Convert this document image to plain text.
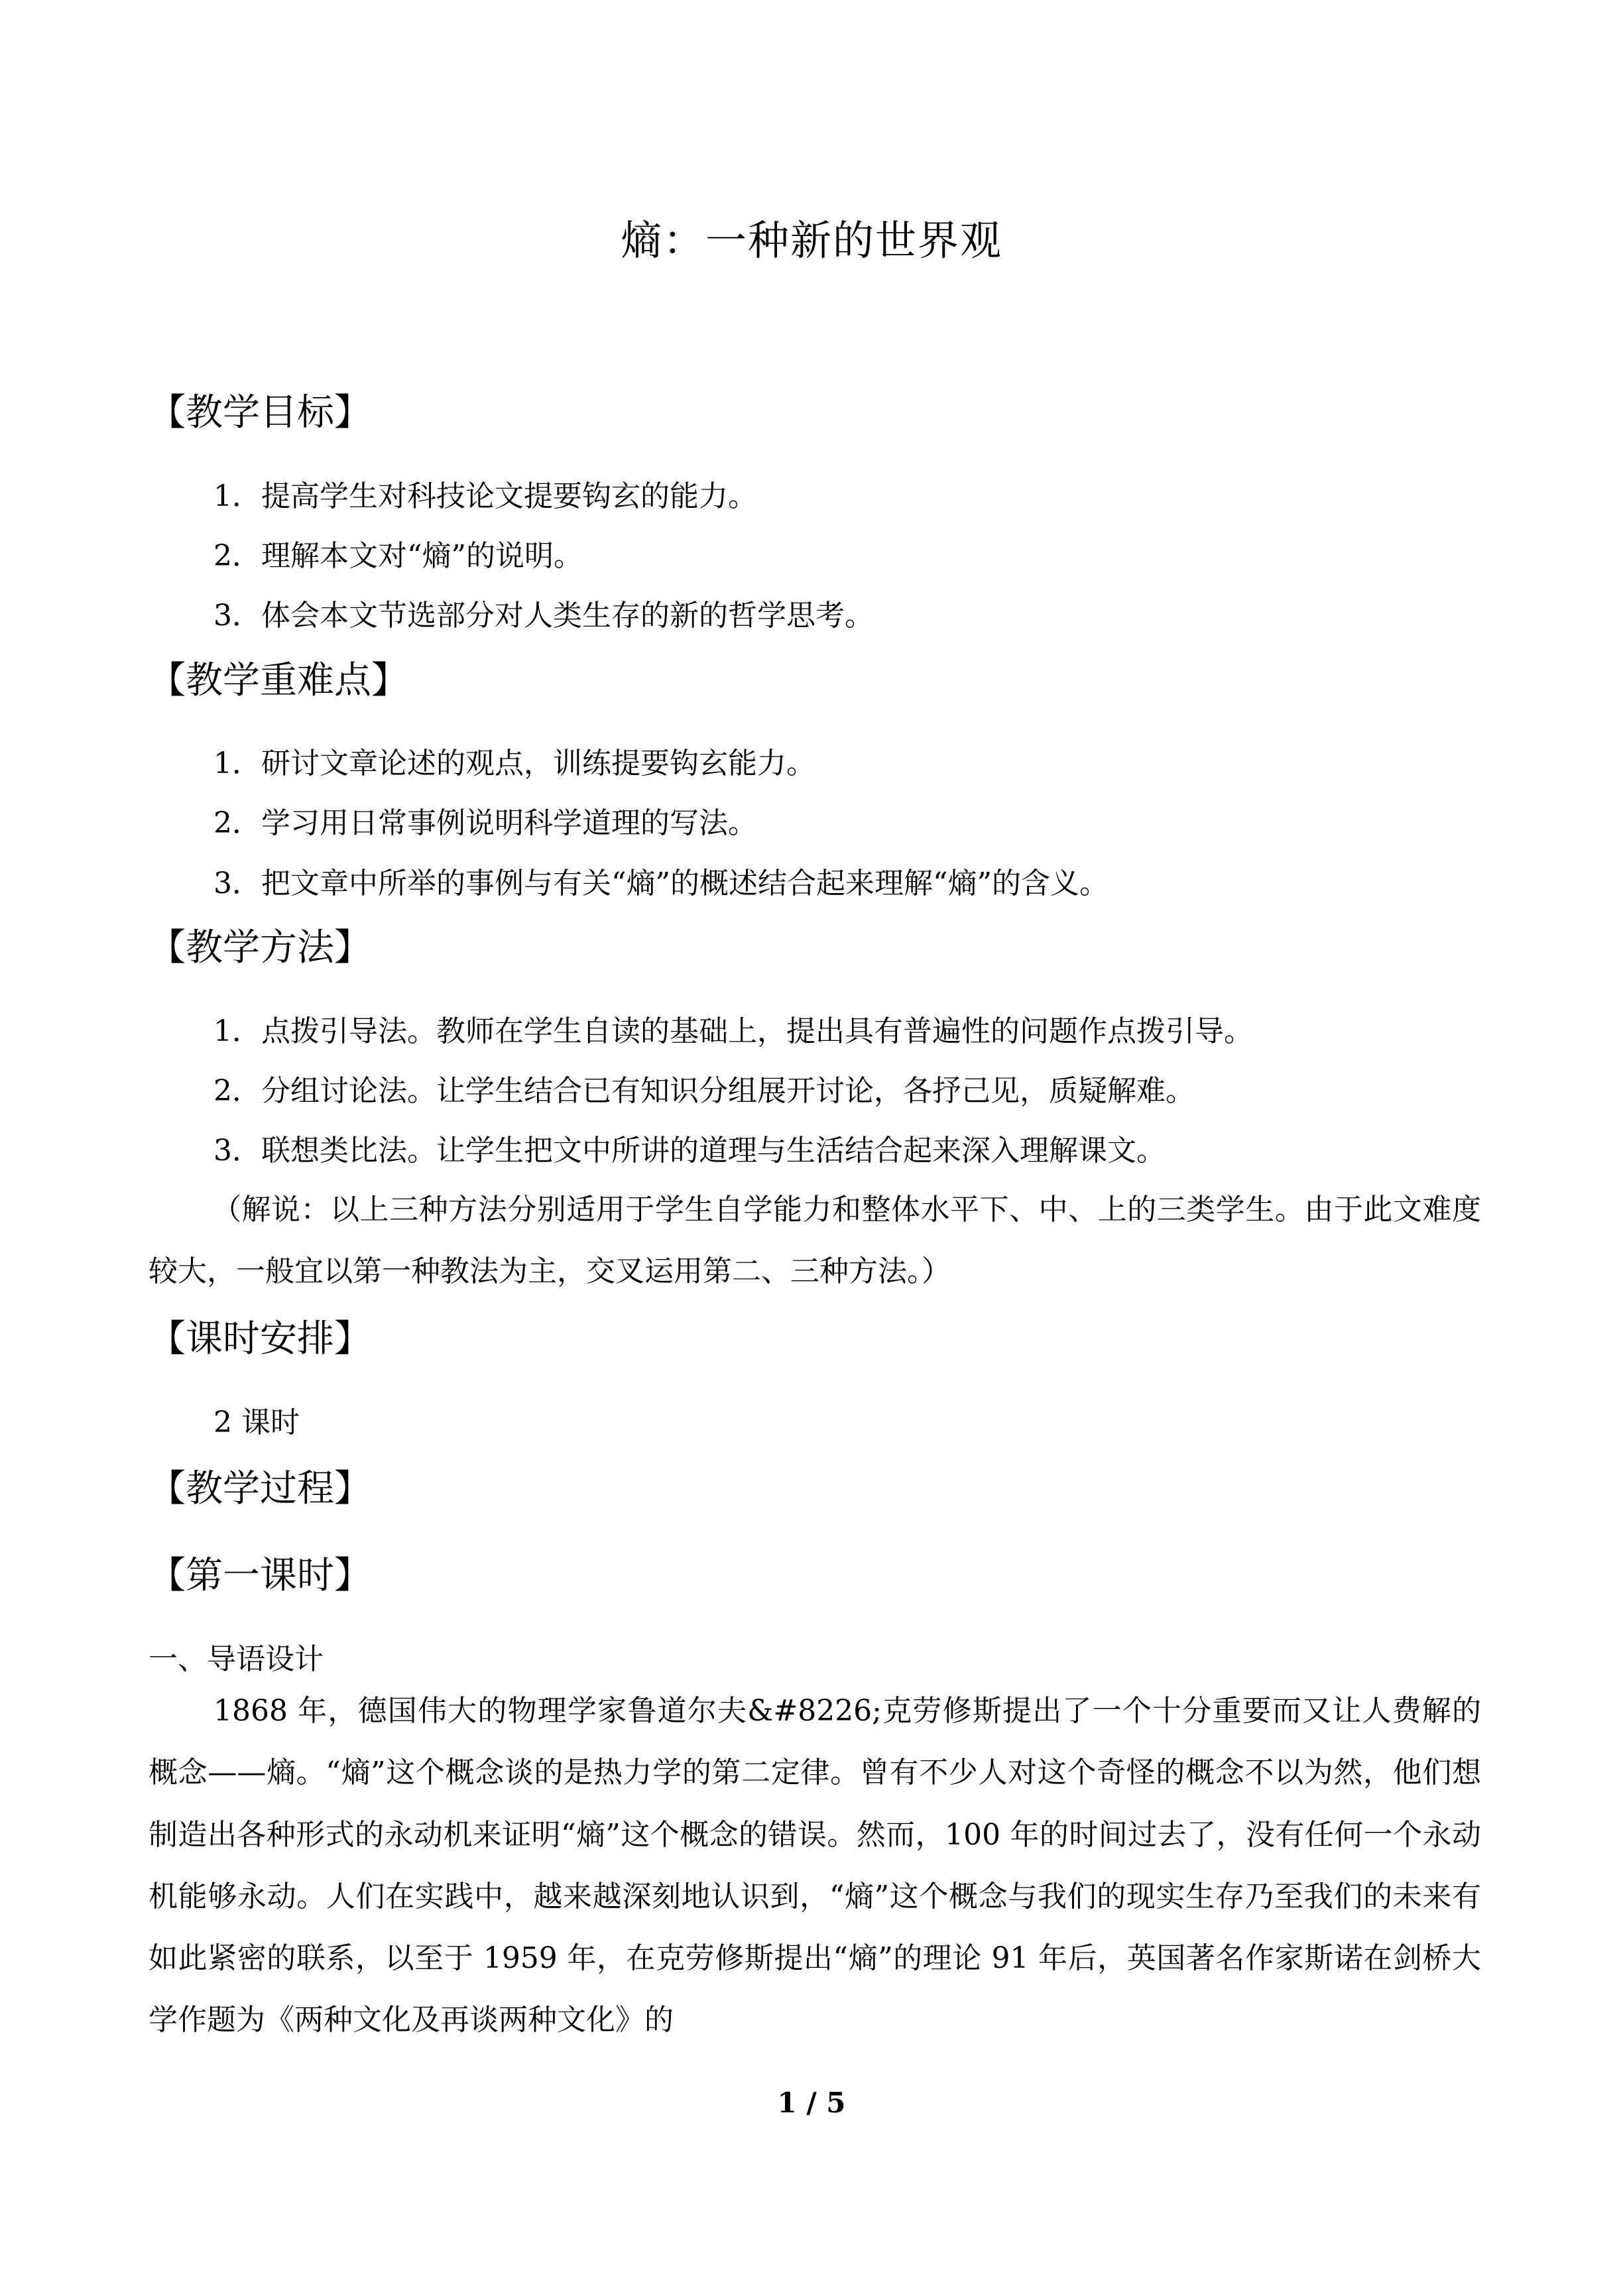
熵：一种新的世界观
【教学目标】
1．提高学生对科技论文提要钩玄的能力。
2．理解本文对“熵”的说明。
3．体会本文节选部分对人类生存的新的哲学思考。
【教学重难点】
1．研讨文章论述的观点，训练提要钩玄能力。
2．学习用日常事例说明科学道理的写法。
3．把文章中所举的事例与有关“熵”的概述结合起来理解“熵”的含义。
【教学方法】
1．点拨引导法。教师在学生自读的基础上，提出具有普遍性的问题作点拨引导。
2．分组讨论法。让学生结合已有知识分组展开讨论，各抒己见，质疑解难。
3．联想类比法。让学生把文中所讲的道理与生活结合起来深入理解课文。
（解说：以上三种方法分别适用于学生自学能力和整体水平下、中、上的三类学生。由于此文难度较大，一般宜以第一种教法为主，交叉运用第二、三种方法。）
【课时安排】
2 课时
【教学过程】
【第一课时】
一、导语设计
1868 年，德国伟大的物理学家鲁道尔夫&#8226;克劳修斯提出了一个十分重要而又让人费解的概念——熵。“熵”这个概念谈的是热力学的第二定律。曾有不少人对这个奇怪的概念不以为然，他们想制造出各种形式的永动机来证明“熵”这个概念的错误。然而，100 年的时间过去了，没有任何一个永动机能够永动。人们在实践中，越来越深刻地认识到，“熵”这个概念与我们的现实生存乃至我们的未来有如此紧密的联系，以至于 1959 年，在克劳修斯提出“熵”的理论 91 年后，英国著名作家斯诺在剑桥大学作题为《两种文化及再谈两种文化》的
1 / 5
